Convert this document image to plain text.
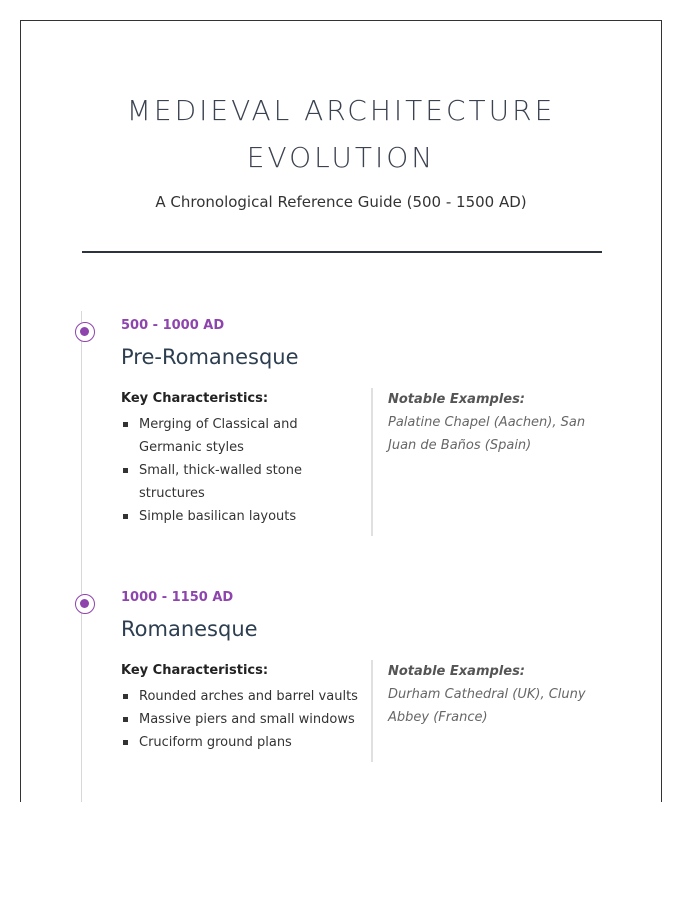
MEDIEVAL ARCHITECTURE
EVOLUTION
A Chronological Reference Guide (500 - 1500 AD)
500 - 1000 AD
Pre-Romanesque
Key Characteristics:
Merging of Classical and Germanic styles
Small, thick-walled stone structures
Simple basilican layouts
Notable Examples:
Palatine Chapel (Aachen), San Juan de Baños (Spain)
1000 - 1150 AD
Romanesque
Key Characteristics:
Rounded arches and barrel vaults
Massive piers and small windows
Cruciform ground plans
Notable Examples:
Durham Cathedral (UK), Cluny Abbey (France)
